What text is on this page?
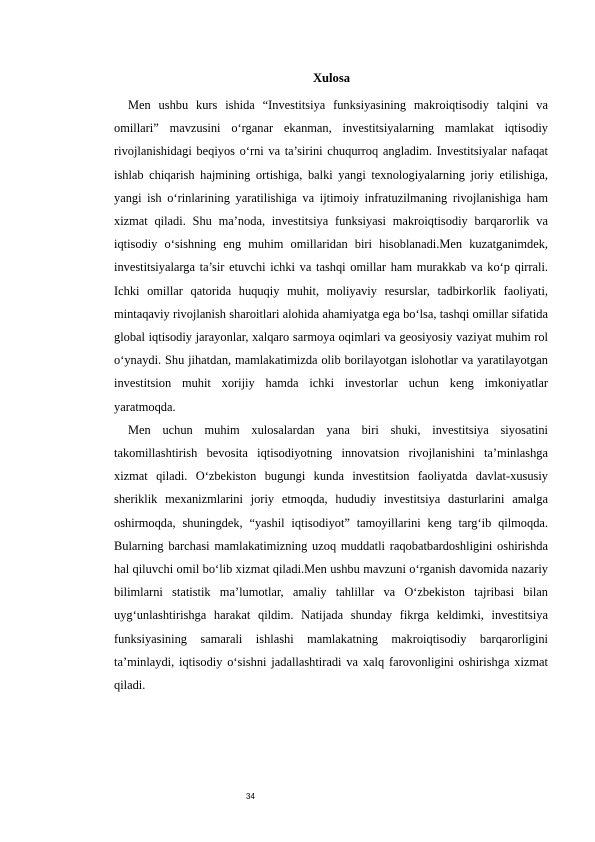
Xulosa

Men ushbu kurs ishida “Investitsiya funksiyasining makroiqtisodiy talqini va omillari” mavzusini o‘rganar ekanman, investitsiyalarning mamlakat iqtisodiy rivojlanishidagi beqiyos o‘rni va ta’sirini chuqurroq angladim. Investitsiyalar nafaqat ishlab chiqarish hajmining ortishiga, balki yangi texnologiyalarning joriy etilishiga, yangi ish o‘rinlarining yaratilishiga va ijtimoiy infratuzilmaning rivojlanishiga ham xizmat qiladi. Shu ma’noda, investitsiya funksiyasi makroiqtisodiy barqarorlik va iqtisodiy o‘sishning eng muhim omillaridan biri hisoblanadi.Men kuzatganimdek, investitsiyalarga ta’sir etuvchi ichki va tashqi omillar ham murakkab va ko‘p qirrali. Ichki omillar qatorida huquqiy muhit, moliyaviy resurslar, tadbirkorlik faoliyati, mintaqaviy rivojlanish sharoitlari alohida ahamiyatga ega bo‘lsa, tashqi omillar sifatida global iqtisodiy jarayonlar, xalqaro sarmoya oqimlari va geosiyosiy vaziyat muhim rol o‘ynaydi. Shu jihatdan, mamlakatimizda olib borilayotgan islohotlar va yaratilayotgan investitsion muhit xorijiy hamda ichki investorlar uchun keng imkoniyatlar yaratmoqda.

Men uchun muhim xulosalardan yana biri shuki, investitsiya siyosatini takomillashtirish bevosita iqtisodiyotning innovatsion rivojlanishini ta’minlashga xizmat qiladi. O‘zbekiston bugungi kunda investitsion faoliyatda davlat-xususiy sheriklik mexanizmlarini joriy etmoqda, hududiy investitsiya dasturlarini amalga oshirmoqda, shuningdek, “yashil iqtisodiyot” tamoyillarini keng targ‘ib qilmoqda. Bularning barchasi mamlakatimizning uzoq muddatli raqobatbardoshligini oshirishda hal qiluvchi omil bo‘lib xizmat qiladi.Men ushbu mavzuni o‘rganish davomida nazariy bilimlarni statistik ma’lumotlar, amaliy tahlillar va O‘zbekiston tajribasi bilan uyg‘unlashtirishga harakat qildim. Natijada shunday fikrga keldimki, investitsiya funksiyasining samarali ishlashi mamlakatning makroiqtisodiy barqarorligini ta’minlaydi, iqtisodiy o‘sishni jadallashtiradi va xalq farovonligini oshirishga xizmat qiladi.

34
